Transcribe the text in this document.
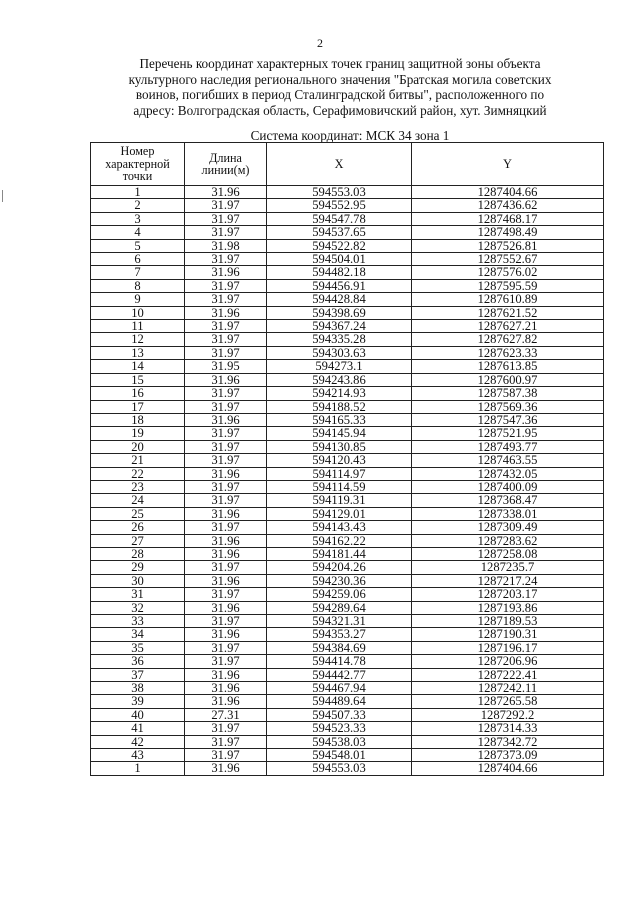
2
Перечень координат характерных точек границ защитной зоны объекта
культурного наследия регионального значения "Братская могила советских
воинов, погибших в период Сталинградской битвы", расположенного по
адресу: Волгоградская область, Серафимовичский район, хут. Зимняцкий
Система координат: МСК 34 зона 1
Номер характерной точки	Длина линии(м)	X	Y
1	31.96	594553.03	1287404.66
2	31.97	594552.95	1287436.62
3	31.97	594547.78	1287468.17
4	31.97	594537.65	1287498.49
5	31.98	594522.82	1287526.81
6	31.97	594504.01	1287552.67
7	31.96	594482.18	1287576.02
8	31.97	594456.91	1287595.59
9	31.97	594428.84	1287610.89
10	31.96	594398.69	1287621.52
11	31.97	594367.24	1287627.21
12	31.97	594335.28	1287627.82
13	31.97	594303.63	1287623.33
14	31.95	594273.1	1287613.85
15	31.96	594243.86	1287600.97
16	31.97	594214.93	1287587.38
17	31.97	594188.52	1287569.36
18	31.96	594165.33	1287547.36
19	31.97	594145.94	1287521.95
20	31.97	594130.85	1287493.77
21	31.97	594120.43	1287463.55
22	31.96	594114.97	1287432.05
23	31.97	594114.59	1287400.09
24	31.97	594119.31	1287368.47
25	31.96	594129.01	1287338.01
26	31.97	594143.43	1287309.49
27	31.96	594162.22	1287283.62
28	31.96	594181.44	1287258.08
29	31.97	594204.26	1287235.7
30	31.96	594230.36	1287217.24
31	31.97	594259.06	1287203.17
32	31.96	594289.64	1287193.86
33	31.97	594321.31	1287189.53
34	31.96	594353.27	1287190.31
35	31.97	594384.69	1287196.17
36	31.97	594414.78	1287206.96
37	31.96	594442.77	1287222.41
38	31.96	594467.94	1287242.11
39	31.96	594489.64	1287265.58
40	27.31	594507.33	1287292.2
41	31.97	594523.33	1287314.33
42	31.97	594538.03	1287342.72
43	31.97	594548.01	1287373.09
1	31.96	594553.03	1287404.66
